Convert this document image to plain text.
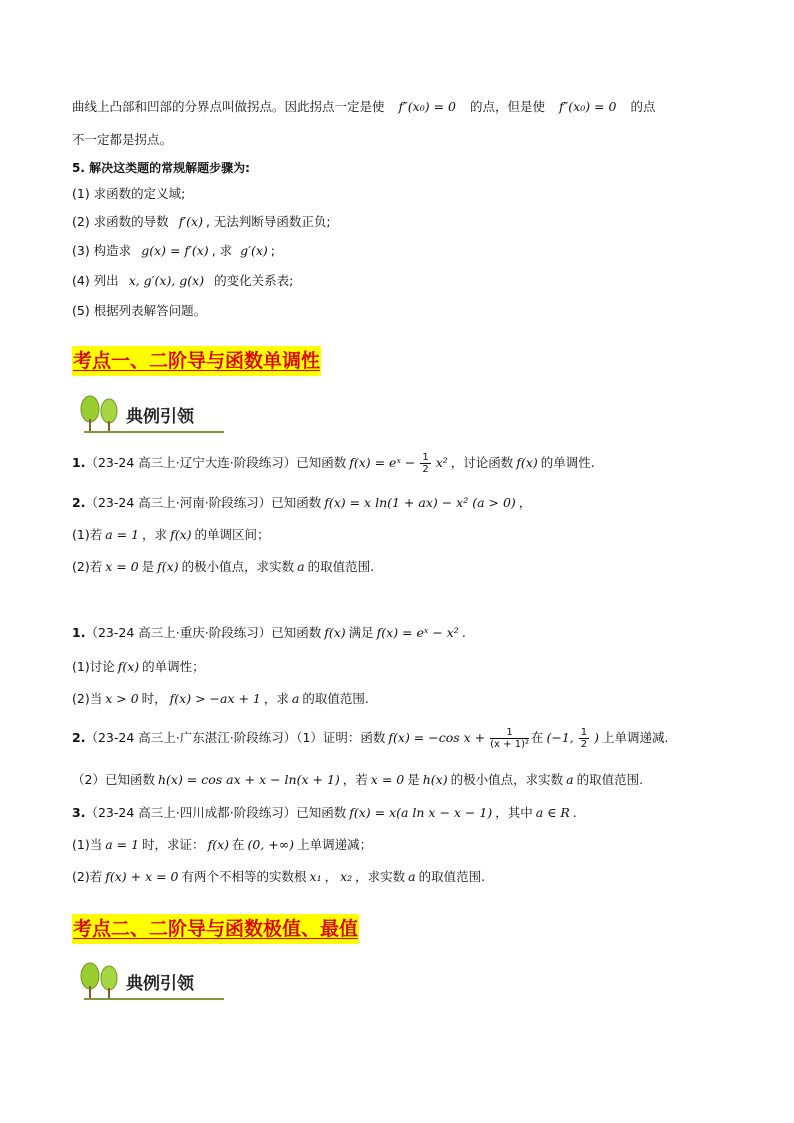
曲线上凸部和凹部的分界点叫做拐点。因此拐点一定是使 f″(x₀) = 0 的点，但是使 f″(x₀) = 0 的点
不一定都是拐点。
5. 解决这类题的常规解题步骤为:
(1) 求函数的定义域;
(2) 求函数的导数 f′(x) , 无法判断导函数正负;
(3) 构造求 g(x) = f′(x) , 求 g′(x) ;
(4) 列出 x, g′(x), g(x) 的变化关系表;
(5) 根据列表解答问题。
考点一、二阶导与函数单调性
典例引领
1.（23-24 高三上·辽宁大连·阶段练习）已知函数 f(x) = eˣ − $\frac{1}{2} x^2$ ，讨论函数 f(x) 的单调性.
2.（23-24 高三上·河南·阶段练习）已知函数 f(x) = x ln(1 + ax) − x² (a > 0) ，
(1)若 a = 1 ，求 f(x) 的单调区间；
(2)若 x = 0 是 f(x) 的极小值点，求实数 a 的取值范围.
1.（23-24 高三上·重庆·阶段练习）已知函数 f(x) 满足 f(x) = eˣ − x² .
(1)讨论 f(x) 的单调性；
(2)当 x > 0 时， f(x) > −ax + 1 ，求 a 的取值范围.
2.（23-24 高三上·广东湛江·阶段练习）（1）证明：函数 f(x) = −cos $x + \frac{1}{\text{(x + 1)²}}$ 在 (−1, $\frac{1}{2}$ ) 上单调递减.
（2）已知函数 h(x) = cos ax + x − ln(x + 1) ，若 x = 0 是 h(x) 的极小值点，求实数 a 的取值范围.
3.（23-24 高三上·四川成都·阶段练习）已知函数 f(x) = x(a ln x − x − 1) ，其中 a ∈ R .
(1)当 a = 1 时，求证： f(x) 在 (0, +∞) 上单调递减；
(2)若 f(x) + x = 0 有两个不相等的实数根 x₁ ， x₂ ，求实数 a 的取值范围.
考点二、二阶导与函数极值、最值
典例引领
